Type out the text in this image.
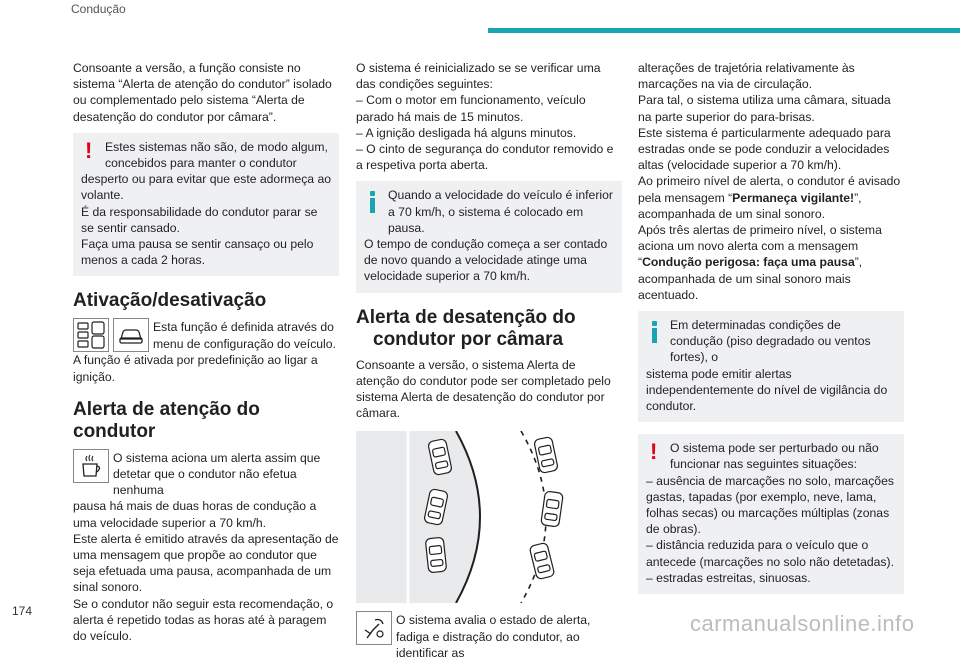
Condução

Consoante a versão, a função consiste no sistema “Alerta de atenção do condutor” isolado ou complementado pelo sistema “Alerta de desatenção do condutor por câmara”.

!	Estes sistemas não são, de modo algum, concebidos para manter o condutor

desperto ou para evitar que este adormeça ao volante.

É da responsabilidade do condutor parar se se sentir cansado.

Faça uma pausa se sentir cansaço ou pelo menos a cada 2 horas.

Ativação/desativação
Esta função é definida através do menu de configuração do veículo.

A função é ativada por predefinição ao ligar a ignição.

Alerta de atenção do condutor
O sistema aciona um alerta assim que detetar que o condutor não efetua nenhuma

pausa há mais de duas horas de condução a uma velocidade superior a 70 km/h.

Este alerta é emitido através da apresentação de uma mensagem que propõe ao condutor que seja efetuada uma pausa, acompanhada de um sinal sonoro.

Se o condutor não seguir esta recomendação, o alerta é repetido todas as horas até à paragem do veículo.

O sistema é reinicializado se se verificar uma das condições seguintes:

– Com o motor em funcionamento, veículo parado há mais de 15 minutos.

– A ignição desligada há alguns minutos.

– O cinto de segurança do condutor removido e a respetiva porta aberta.

Quando a velocidade do veículo é inferior a 70 km/h, o sistema é colocado em pausa.

O tempo de condução começa a ser contado de novo quando a velocidade atinge uma velocidade superior a 70 km/h.

Alerta de desatenção do
condutor por câmara

Consoante a versão, o sistema Alerta de atenção do condutor pode ser completado pelo sistema Alerta de desatenção do condutor por câmara.

O sistema avalia o estado de alerta, fadiga e distração do condutor, ao identificar as

alterações de trajetória relativamente às marcações na via de circulação.

Para tal, o sistema utiliza uma câmara, situada na parte superior do para-brisas.

Este sistema é particularmente adequado para estradas onde se pode conduzir a velocidades altas (velocidade superior a 70 km/h).

Ao primeiro nível de alerta, o condutor é avisado pela mensagem “Permaneça vigilante!”, acompanhada de um sinal sonoro.

Após três alertas de primeiro nível, o sistema aciona um novo alerta com a mensagem “Condução perigosa: faça uma pausa”, acompanhada de um sinal sonoro mais acentuado.

Em determinadas condições de condução (piso degradado ou ventos fortes), o

sistema pode emitir alertas independentemente do nível de vigilância do condutor.

!	O sistema pode ser perturbado ou não funcionar nas seguintes situações:

– ausência de marcações no solo, marcações gastas, tapadas (por exemplo, neve, lama, folhas secas) ou marcações múltiplas (zonas de obras).

– distância reduzida para o veículo que o antecede (marcações no solo não detetadas).

– estradas estreitas, sinuosas.

174	carmanualsonline.info
